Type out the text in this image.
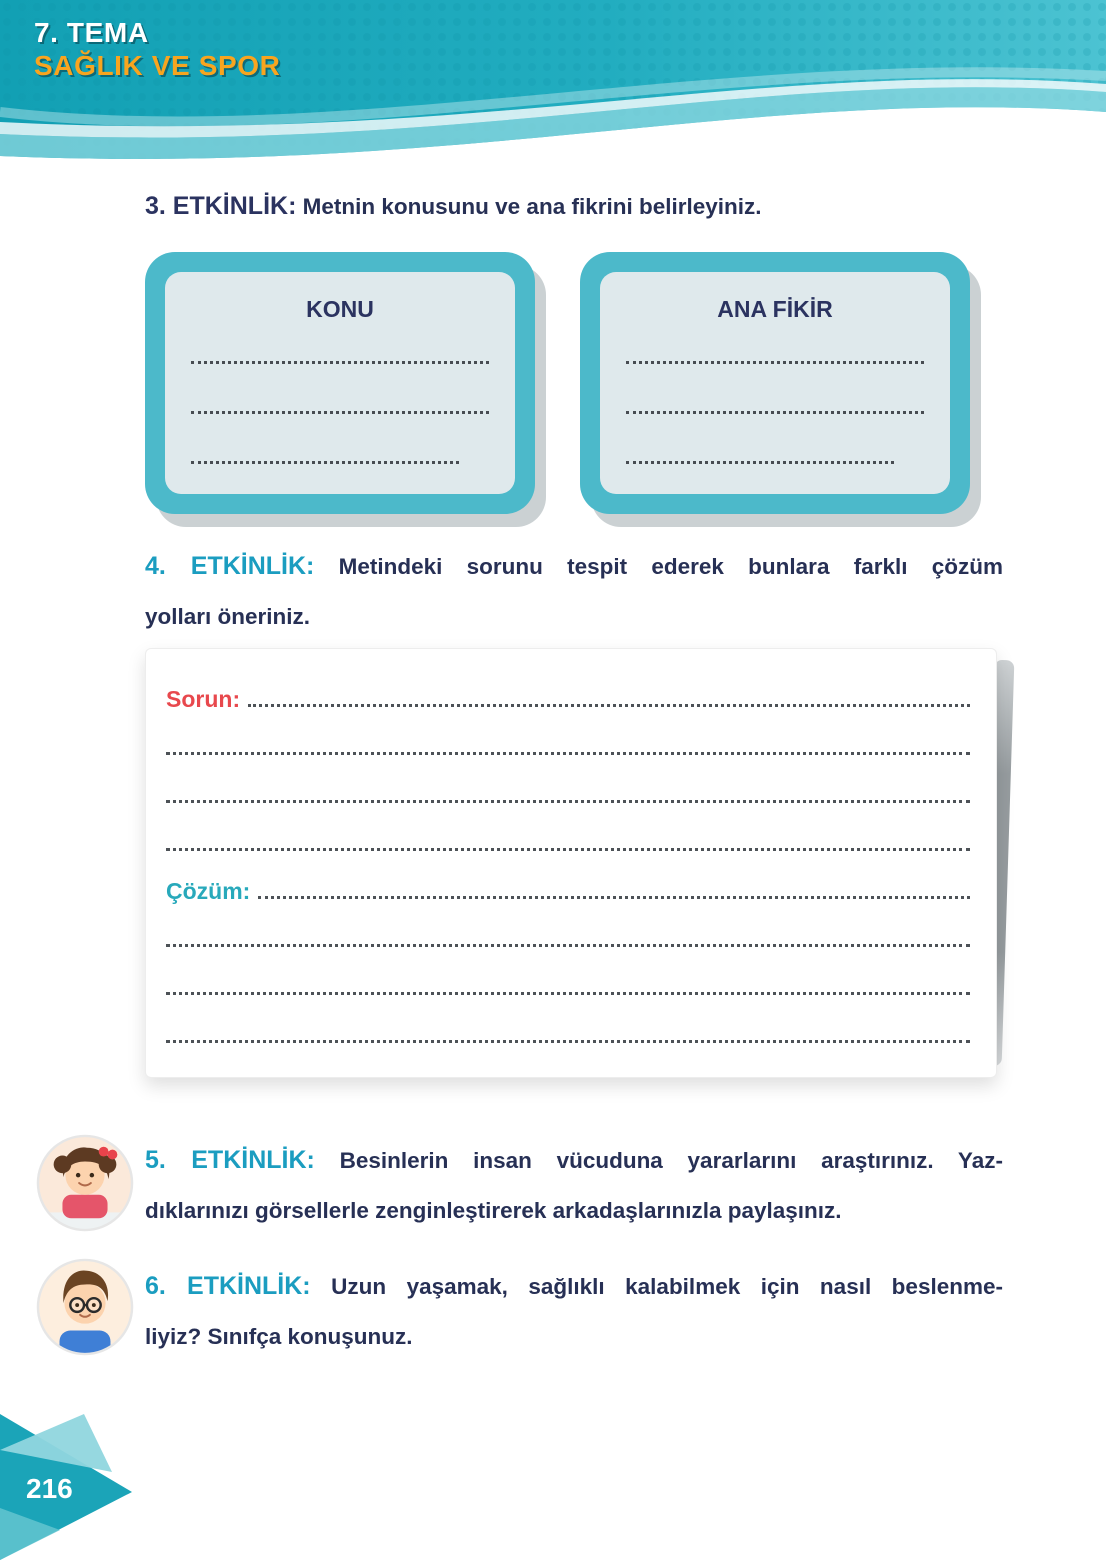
7. TEMA
SAĞLIK VE SPOR
3. ETKİNLİK: Metnin konusunu ve ana fikrini belirleyiniz.
KONU	ANA FİKİR
4. ETKİNLİK: Metindeki sorunu tespit ederek bunlara farklı çözüm
yolları öneriniz.
Sorun:
Çözüm:
5. ETKİNLİK: Besinlerin insan vücuduna yararlarını araştırınız. Yaz-
dıklarınızı görsellerle zenginleştirerek arkadaşlarınızla paylaşınız.
6. ETKİNLİK: Uzun yaşamak, sağlıklı kalabilmek için nasıl beslenme-
liyiz? Sınıfça konuşunuz.
216
